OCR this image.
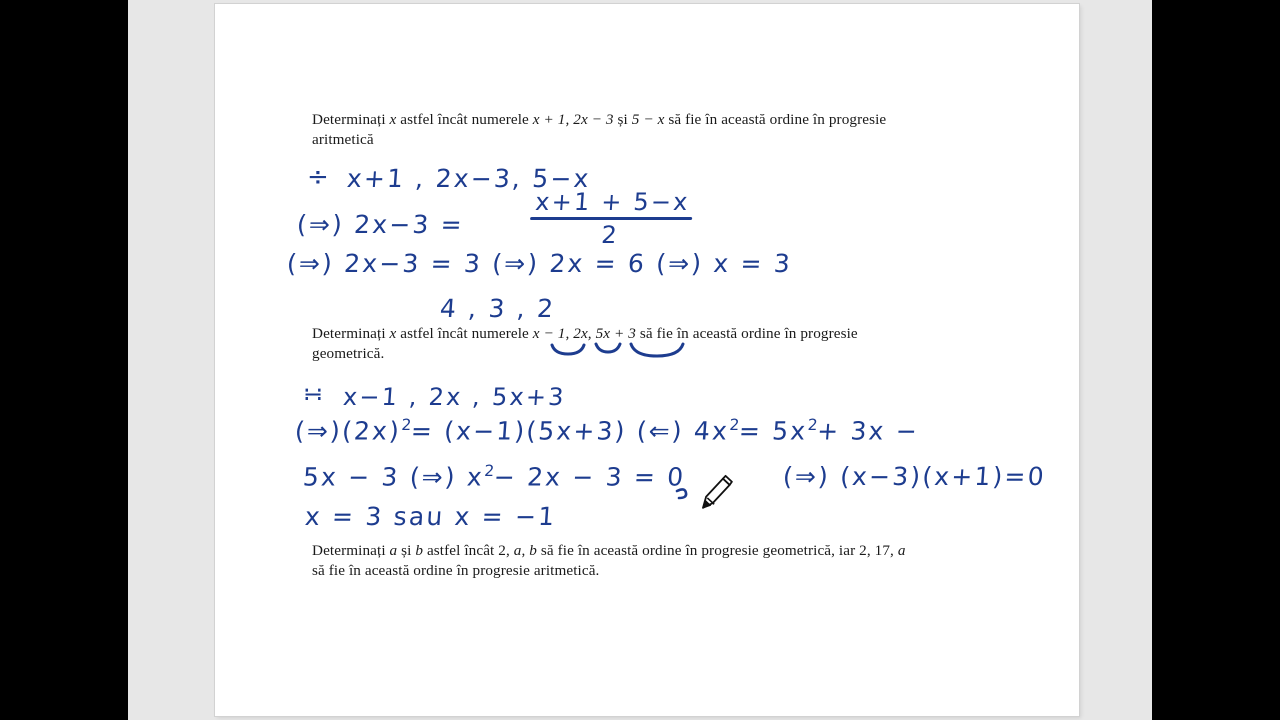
Determinați x astfel încât numerele x + 1, 2x − 3 și 5 − x să fie în această ordine în progresie
aritmetică
Determinați x astfel încât numerele x − 1, 2x, 5x + 3 să fie în această ordine în progresie
geometrică.
Determinați a și b astfel încât 2, a, b să fie în această ordine în progresie geometrică, iar 2, 17, a
să fie în această ordine în progresie aritmetică.
÷ x+1 , 2x−3, 5−x
(⇒) 2x−3 =	$\frac{x+1 + 5-x}{2}$
(⇒) 2x−3 = 3 (⇒) 2x = 6 (⇒) x = 3
4 , 3 , 2
∺ x−1 , 2x , 5x+3
$(\Rightarrow)(2x)^2= (x-1)(5x+3)$ (⇐) $4x^2= 5x^2+ 3x$ −
5x − 3 (⇒) $x^2- 2x - 3 = 0$	(⇒) (x−3)(x+1)=0
x = 3 sau x = −1
